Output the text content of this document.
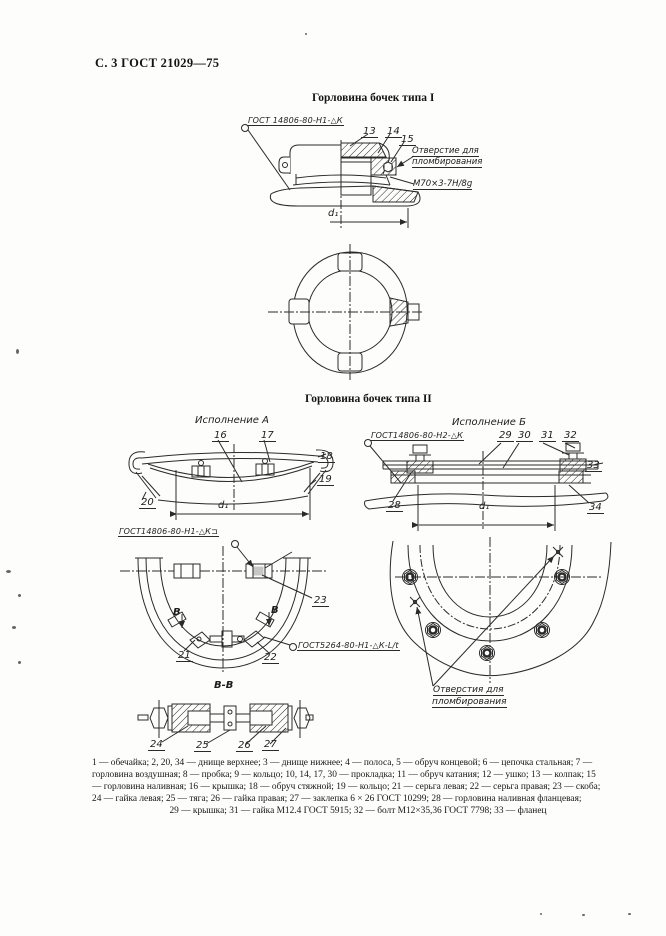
С. 3 ГОСТ 21029—75
Горловина бочек типа I
ГОСТ 14806-80-Н1-△К
13 14
15
Отверстие для
пломбирования
М70×3-7Н/8g
d₁
Горловина бочек типа II
Исполнение А
16	17
18
19
20	d₁
Исполнение Б
ГОСТ14806-80-Н2-△К	29 30 31 32
33
28	34
d₁
ГОСТ14806-80-Н1-△К⊐
23
В	В
21	22
ГОСТ5264-80-Н1-△К-L/t
В-В
24	25	26 27
Отверстия для
пломбирования
1 — обечайка; 2, 20, 34 — днище верхнее; 3 — днище нижнее; 4 — полоса, 5 — обруч концевой; 6 — цепочка стальная; 7 —
горловина воздушная; 8 — пробка; 9 — кольцо; 10, 14, 17, 30 — прокладка; 11 — обруч катания; 12 — ушко; 13 — колпак; 15
— горловина наливная; 16 — крышка; 18 — обруч стяжной; 19 — кольцо; 21 — серьга левая; 22 — серьга правая; 23 — скоба;
24 — гайка левая; 25 — тяга; 26 — гайка правая; 27 — заклепка 6 × 26 ГОСТ 10299; 28 — горловина наливная фланцевая;
29 — крышка; 31 — гайка М12.4 ГОСТ 5915; 32 — болт М12×35,36 ГОСТ 7798; 33 — фланец
